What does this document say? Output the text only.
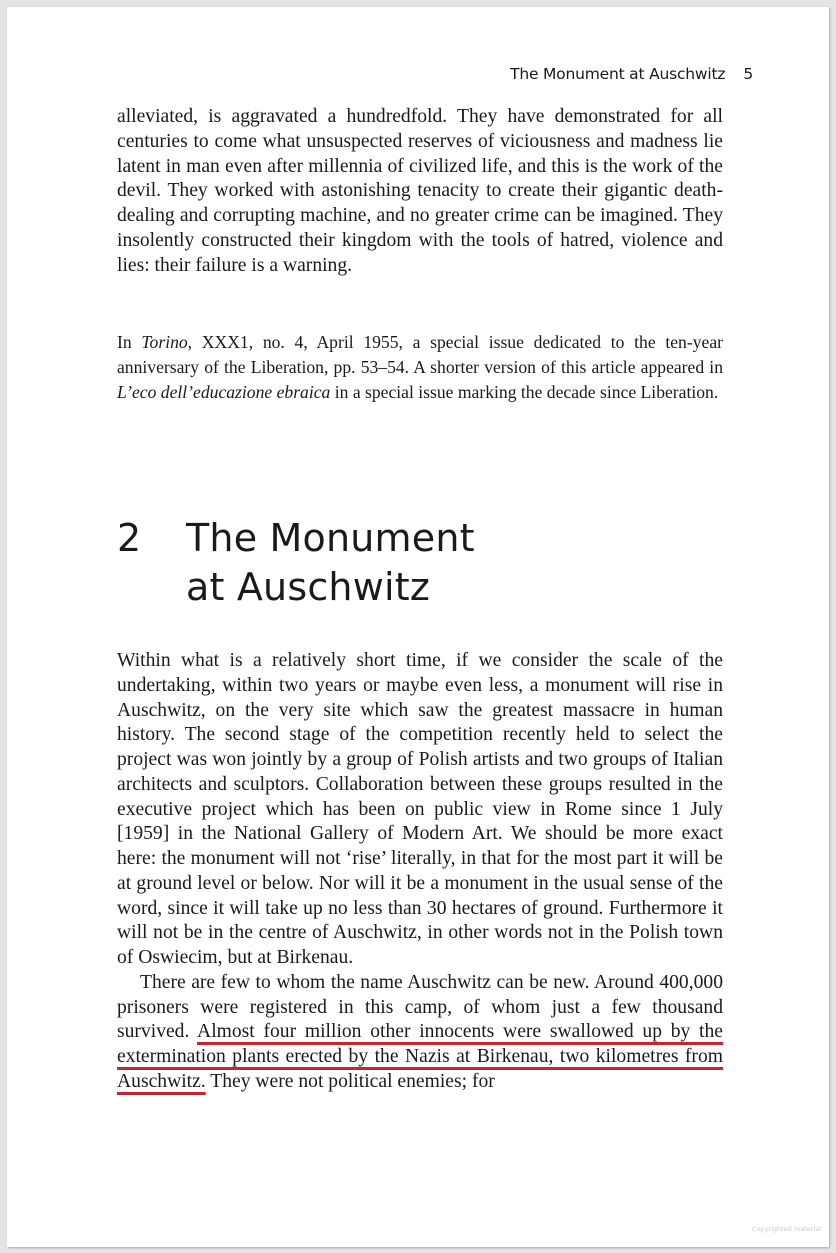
The Monument at Auschwitz 5

alleviated, is aggravated a hundredfold. They have demonstrated for all centuries to come what unsuspected reserves of viciousness and madness lie latent in man even after millennia of civilized life, and this is the work of the devil. They worked with astonishing tenacity to create their gigantic death-dealing and corrupting machine, and no greater crime can be imagined. They insolently constructed their kingdom with the tools of hatred, violence and lies: their failure is a warning.

In Torino, XXX1, no. 4, April 1955, a special issue dedicated to the ten-year anniversary of the Liberation, pp. 53–54. A shorter version of this article appeared in L’eco dell’educazione ebraica in a special issue marking the decade since Liberation.

2 The Monument
at Auschwitz

Within what is a relatively short time, if we consider the scale of the undertaking, within two years or maybe even less, a monument will rise in Auschwitz, on the very site which saw the greatest massacre in human history. The second stage of the competition recently held to select the project was won jointly by a group of Polish artists and two groups of Italian architects and sculptors. Collaboration between these groups resulted in the executive project which has been on public view in Rome since 1 July [1959] in the National Gallery of Modern Art. We should be more exact here: the monument will not ‘rise’ literally, in that for the most part it will be at ground level or below. Nor will it be a monument in the usual sense of the word, since it will take up no less than 30 hectares of ground. Furthermore it will not be in the centre of Auschwitz, in other words not in the Polish town of Oswiecim, but at Birkenau.

There are few to whom the name Auschwitz can be new. Around 400,000 prisoners were registered in this camp, of whom just a few thousand survived. Almost four million other innocents were swallowed up by the extermination plants erected by the Nazis at Birkenau, two kilometres from Auschwitz. They were not political enemies; for

Copyrighted material
